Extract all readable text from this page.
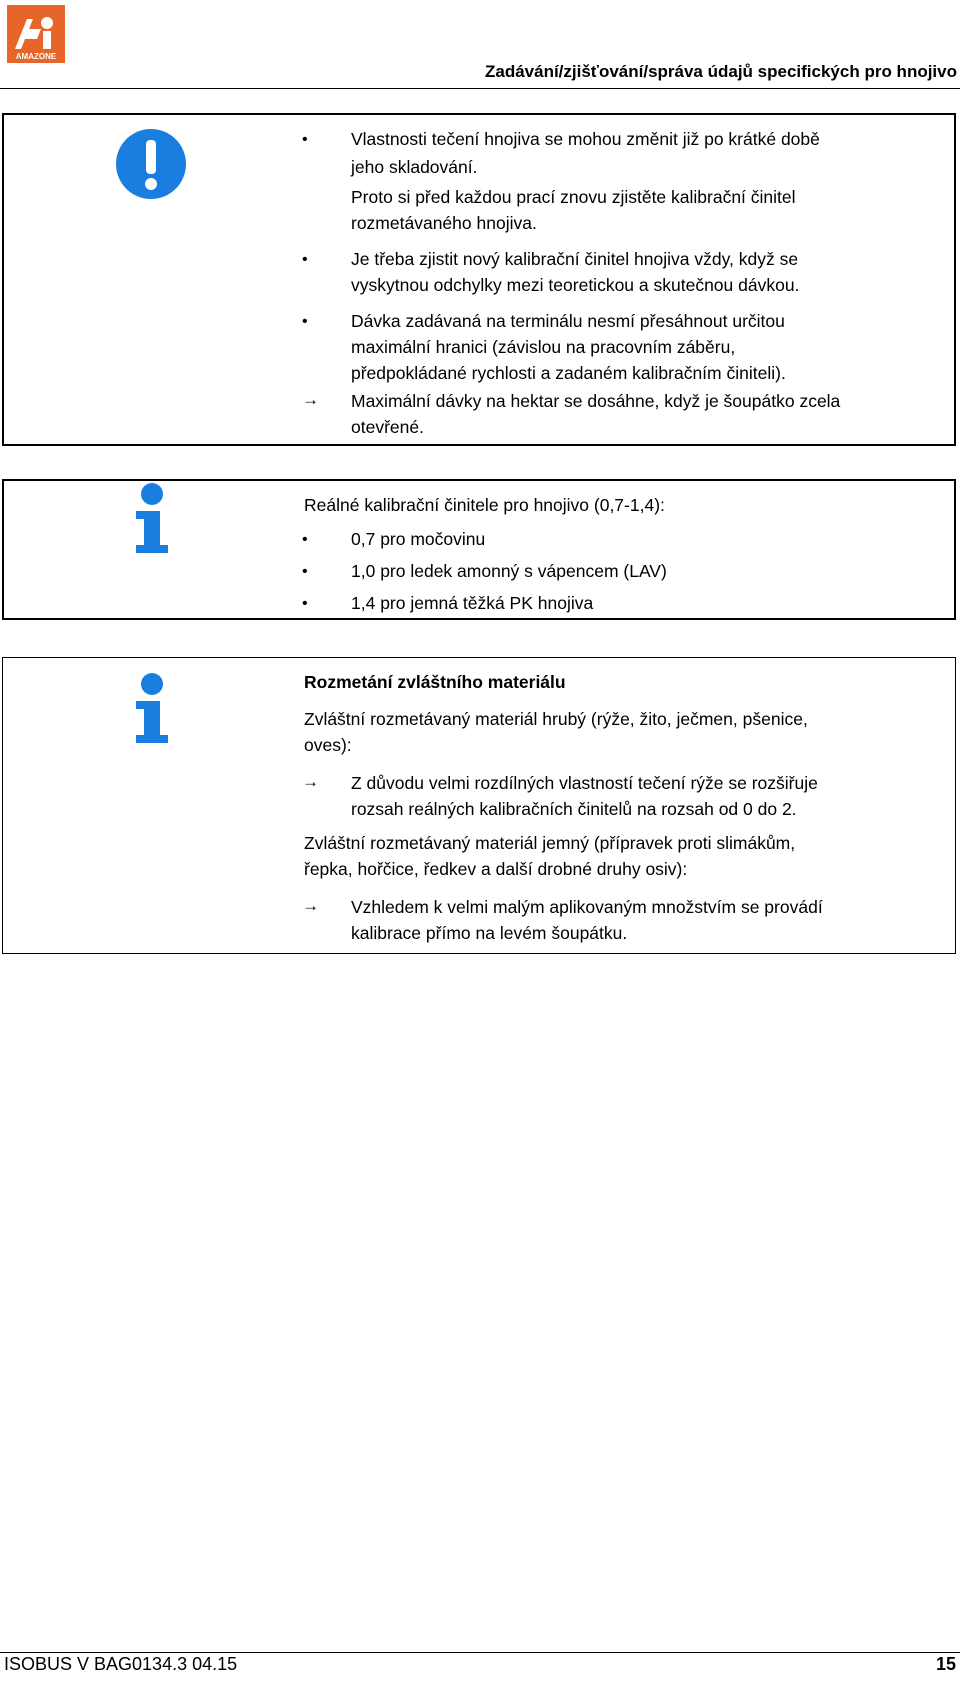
AMAZONE
Zadávání/zjišťování/správa údajů specifických pro hnojivo
• Vlastnosti tečení hnojiva se mohou změnit již po krátké době
jeho skladování.
Proto si před každou prací znovu zjistěte kalibrační činitel
rozmetávaného hnojiva.
• Je třeba zjistit nový kalibrační činitel hnojiva vždy, když se
vyskytnou odchylky mezi teoretickou a skutečnou dávkou.
• Dávka zadávaná na terminálu nesmí přesáhnout určitou
maximální hranici (závislou na pracovním záběru,
předpokládané rychlosti a zadaném kalibračním činiteli).
→ Maximální dávky na hektar se dosáhne, když je šoupátko zcela
otevřené.
Reálné kalibrační činitele pro hnojivo (0,7-1,4):
• 0,7 pro močovinu
• 1,0 pro ledek amonný s vápencem (LAV)
• 1,4 pro jemná těžká PK hnojiva
Rozmetání zvláštního materiálu
Zvláštní rozmetávaný materiál hrubý (rýže, žito, ječmen, pšenice,
oves):
→ Z důvodu velmi rozdílných vlastností tečení rýže se rozšiřuje
rozsah reálných kalibračních činitelů na rozsah od 0 do 2.
Zvláštní rozmetávaný materiál jemný (přípravek proti slimákům,
řepka, hořčice, ředkev a další drobné druhy osiv):
→ Vzhledem k velmi malým aplikovaným množstvím se provádí
kalibrace přímo na levém šoupátku.
ISOBUS V BAG0134.3 04.15	15
